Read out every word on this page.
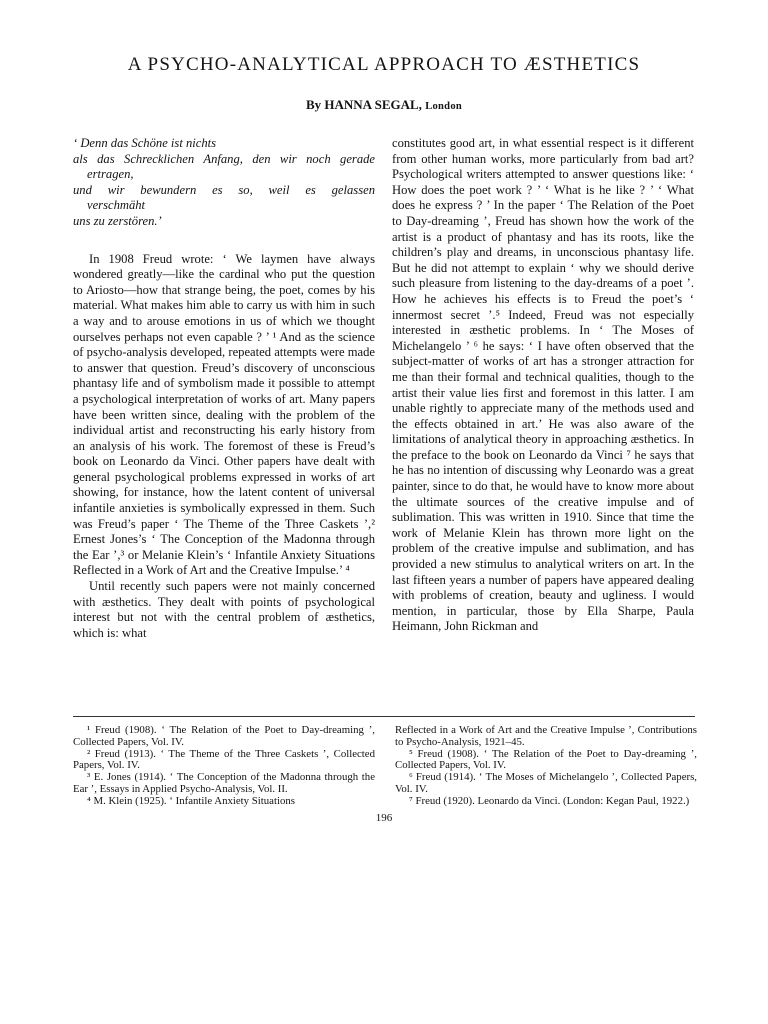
A PSYCHO-ANALYTICAL APPROACH TO ÆSTHETICS
By HANNA SEGAL, London
‘ Denn das Schöne ist nichts
als das Schrecklichen Anfang, den wir noch gerade
ertragen,
und wir bewundern es so, weil es gelassen
verschmäht
uns zu zerstören.’

In 1908 Freud wrote: ‘ We laymen have always wondered greatly—like the cardinal who put the question to Ariosto—how that strange being, the poet, comes by his material. What makes him able to carry us with him in such a way and to arouse emotions in us of which we thought ourselves perhaps not even capable ? ’ ¹ And as the science of psycho-analysis developed, repeated attempts were made to answer that question. Freud’s discovery of unconscious phantasy life and of symbolism made it possible to attempt a psychological interpretation of works of art. Many papers have been written since, dealing with the problem of the individual artist and reconstructing his early history from an analysis of his work. The foremost of these is Freud’s book on Leonardo da Vinci. Other papers have dealt with general psychological problems expressed in works of art showing, for instance, how the latent content of universal infantile anxieties is symbolically expressed in them. Such was Freud’s paper ‘ The Theme of the Three Caskets ’,² Ernest Jones’s ‘ The Conception of the Madonna through the Ear ’,³ or Melanie Klein’s ‘ Infantile Anxiety Situations Reflected in a Work of Art and the Creative Impulse.’ ⁴

Until recently such papers were not mainly concerned with æsthetics. They dealt with points of psychological interest but not with the central problem of æsthetics, which is: what

constitutes good art, in what essential respect is it different from other human works, more particularly from bad art? Psychological writers attempted to answer questions like: ‘ How does the poet work ? ’ ‘ What is he like ? ’ ‘ What does he express ? ’ In the paper ‘ The Relation of the Poet to Day-dreaming ’, Freud has shown how the work of the artist is a product of phantasy and has its roots, like the children’s play and dreams, in unconscious phantasy life. But he did not attempt to explain ‘ why we should derive such pleasure from listening to the day-dreams of a poet ’. How he achieves his effects is to Freud the poet’s ‘ innermost secret ’.⁵ Indeed, Freud was not especially interested in æsthetic problems. In ‘ The Moses of Michelangelo ’ ⁶ he says: ‘ I have often observed that the subject-matter of works of art has a stronger attraction for me than their formal and technical qualities, though to the artist their value lies first and foremost in this latter. I am unable rightly to appreciate many of the methods used and the effects obtained in art.’ He was also aware of the limitations of analytical theory in approaching æsthetics. In the preface to the book on Leonardo da Vinci ⁷ he says that he has no intention of discussing why Leonardo was a great painter, since to do that, he would have to know more about the ultimate sources of the creative impulse and of sublimation. This was written in 1910. Since that time the work of Melanie Klein has thrown more light on the problem of the creative impulse and sublimation, and has provided a new stimulus to analytical writers on art. In the last fifteen years a number of papers have appeared dealing with problems of creation, beauty and ugliness. I would mention, in particular, those by Ella Sharpe, Paula Heimann, John Rickman and

¹ Freud (1908). ‘ The Relation of the Poet to Day-dreaming ’, Collected Papers, Vol. IV.

² Freud (1913). ‘ The Theme of the Three Caskets ’, Collected Papers, Vol. IV.

³ E. Jones (1914). ‘ The Conception of the Madonna through the Ear ’, Essays in Applied Psycho-Analysis, Vol. II.

⁴ M. Klein (1925). ‘ Infantile Anxiety Situations

Reflected in a Work of Art and the Creative Impulse ’, Contributions to Psycho-Analysis, 1921–45.

⁵ Freud (1908). ‘ The Relation of the Poet to Day-dreaming ’, Collected Papers, Vol. IV.

⁶ Freud (1914). ‘ The Moses of Michelangelo ’, Collected Papers, Vol. IV.

⁷ Freud (1920). Leonardo da Vinci. (London: Kegan Paul, 1922.)

196
